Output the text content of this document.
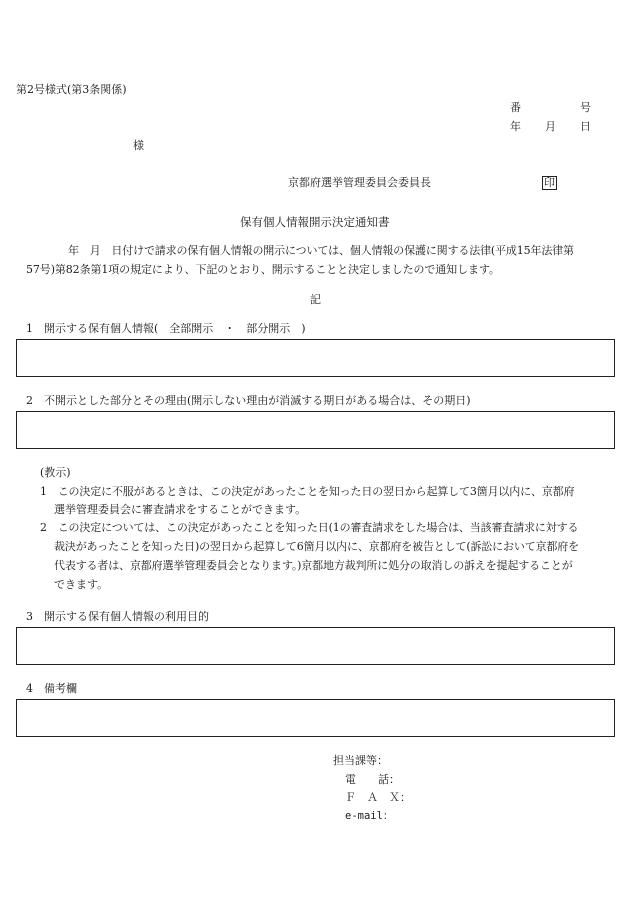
第2号様式(第3条関係)
番	号
年 月 日
様
京都府選挙管理委員会委員長	印
保有個人情報開示決定通知書
年　月　日付けで請求の保有個人情報の開示については、個人情報の保護に関する法律(平成15年法律第
57号)第82条第1項の規定により、下記のとおり、開示することと決定しましたので通知します。
記
1　開示する保有個人情報(　全部開示　・　部分開示　)
2　不開示とした部分とその理由(開示しない理由が消滅する期日がある場合は、その期日)
(教示)
1　この決定に不服があるときは、この決定があったことを知った日の翌日から起算して3箇月以内に、京都府
選挙管理委員会に審査請求をすることができます。
2　この決定については、この決定があったことを知った日(1の審査請求をした場合は、当該審査請求に対する
裁決があったことを知った日)の翌日から起算して6箇月以内に、京都府を被告として(訴訟において京都府を
代表する者は、京都府選挙管理委員会となります。)京都地方裁判所に処分の取消しの訴えを提起することが
できます。
3　開示する保有個人情報の利用目的
4　備考欄
担当課等：
電　　話：
Ｆ　Ａ　Ｘ：
e-mail：
